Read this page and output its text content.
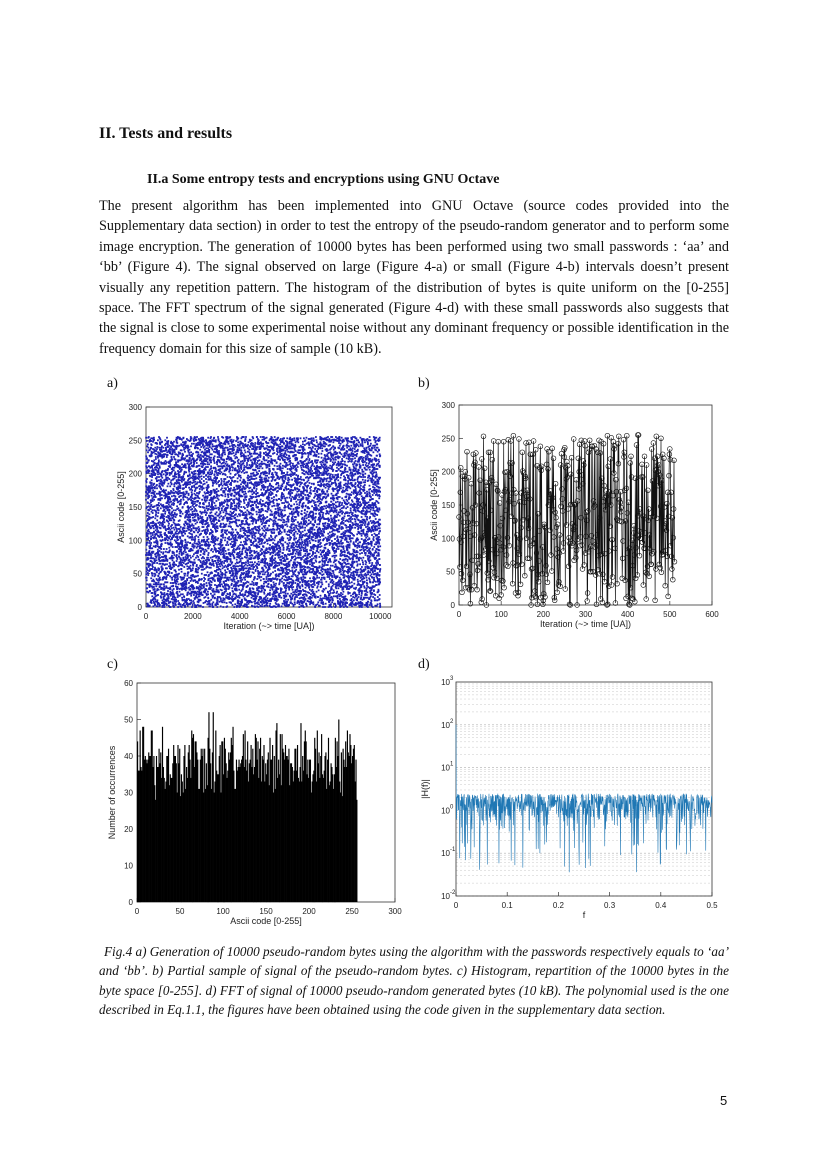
II. Tests and results
II.a Some entropy tests and encryptions using GNU Octave
The present algorithm has been implemented into GNU Octave (source codes provided into the Supplementary data section) in order to test the entropy of the pseudo-random generator and to perform some image encryption. The generation of 10000 bytes has been performed using two small passwords : ‘aa’ and ‘bb’ (Figure 4). The signal observed on large (Figure 4-a) or small (Figure 4-b) intervals doesn’t present visually any repetition pattern. The histogram of the distribution of bytes is quite uniform on the [0-255] space. The FFT spectrum of the signal generated (Figure 4-d) with these small passwords also suggests that the signal is close to some experimental noise without any dominant frequency or possible identification in the frequency domain for this size of sample (10 kB).
a)	b)
c)	d)
0	2000	4000	6000	8000	10000
0
50
100
150
200
250
300
Iteration (~> time [UA])
Ascii code [0-255]
0	100	200	300	400	500	600
0
50
100
150
200
250
300
Iteration (~> time [UA])
Ascii code [0-255]
0	50	100	150	200	250	300
0
10
20
30
40
50
60
Ascii code [0-255]
Number of occurrences
0	0.1	0.2	0.3	0.4	0.5
10 -2
10 -1
10 0
10 1
10 2
10 3
f
|H(f)|
Fig.4 a) Generation of 10000 pseudo-random bytes using the algorithm with the passwords respectively equals to ‘aa’ and ‘bb’. b) Partial sample of signal of the pseudo-random bytes. c) Histogram, repartition of the 10000 bytes in the byte space [0-255]. d) FFT of signal of 10000 pseudo-random generated bytes (10 kB). The polynomial used is the one described in Eq.1.1, the figures have been obtained using the code given in the supplementary data section.
5
